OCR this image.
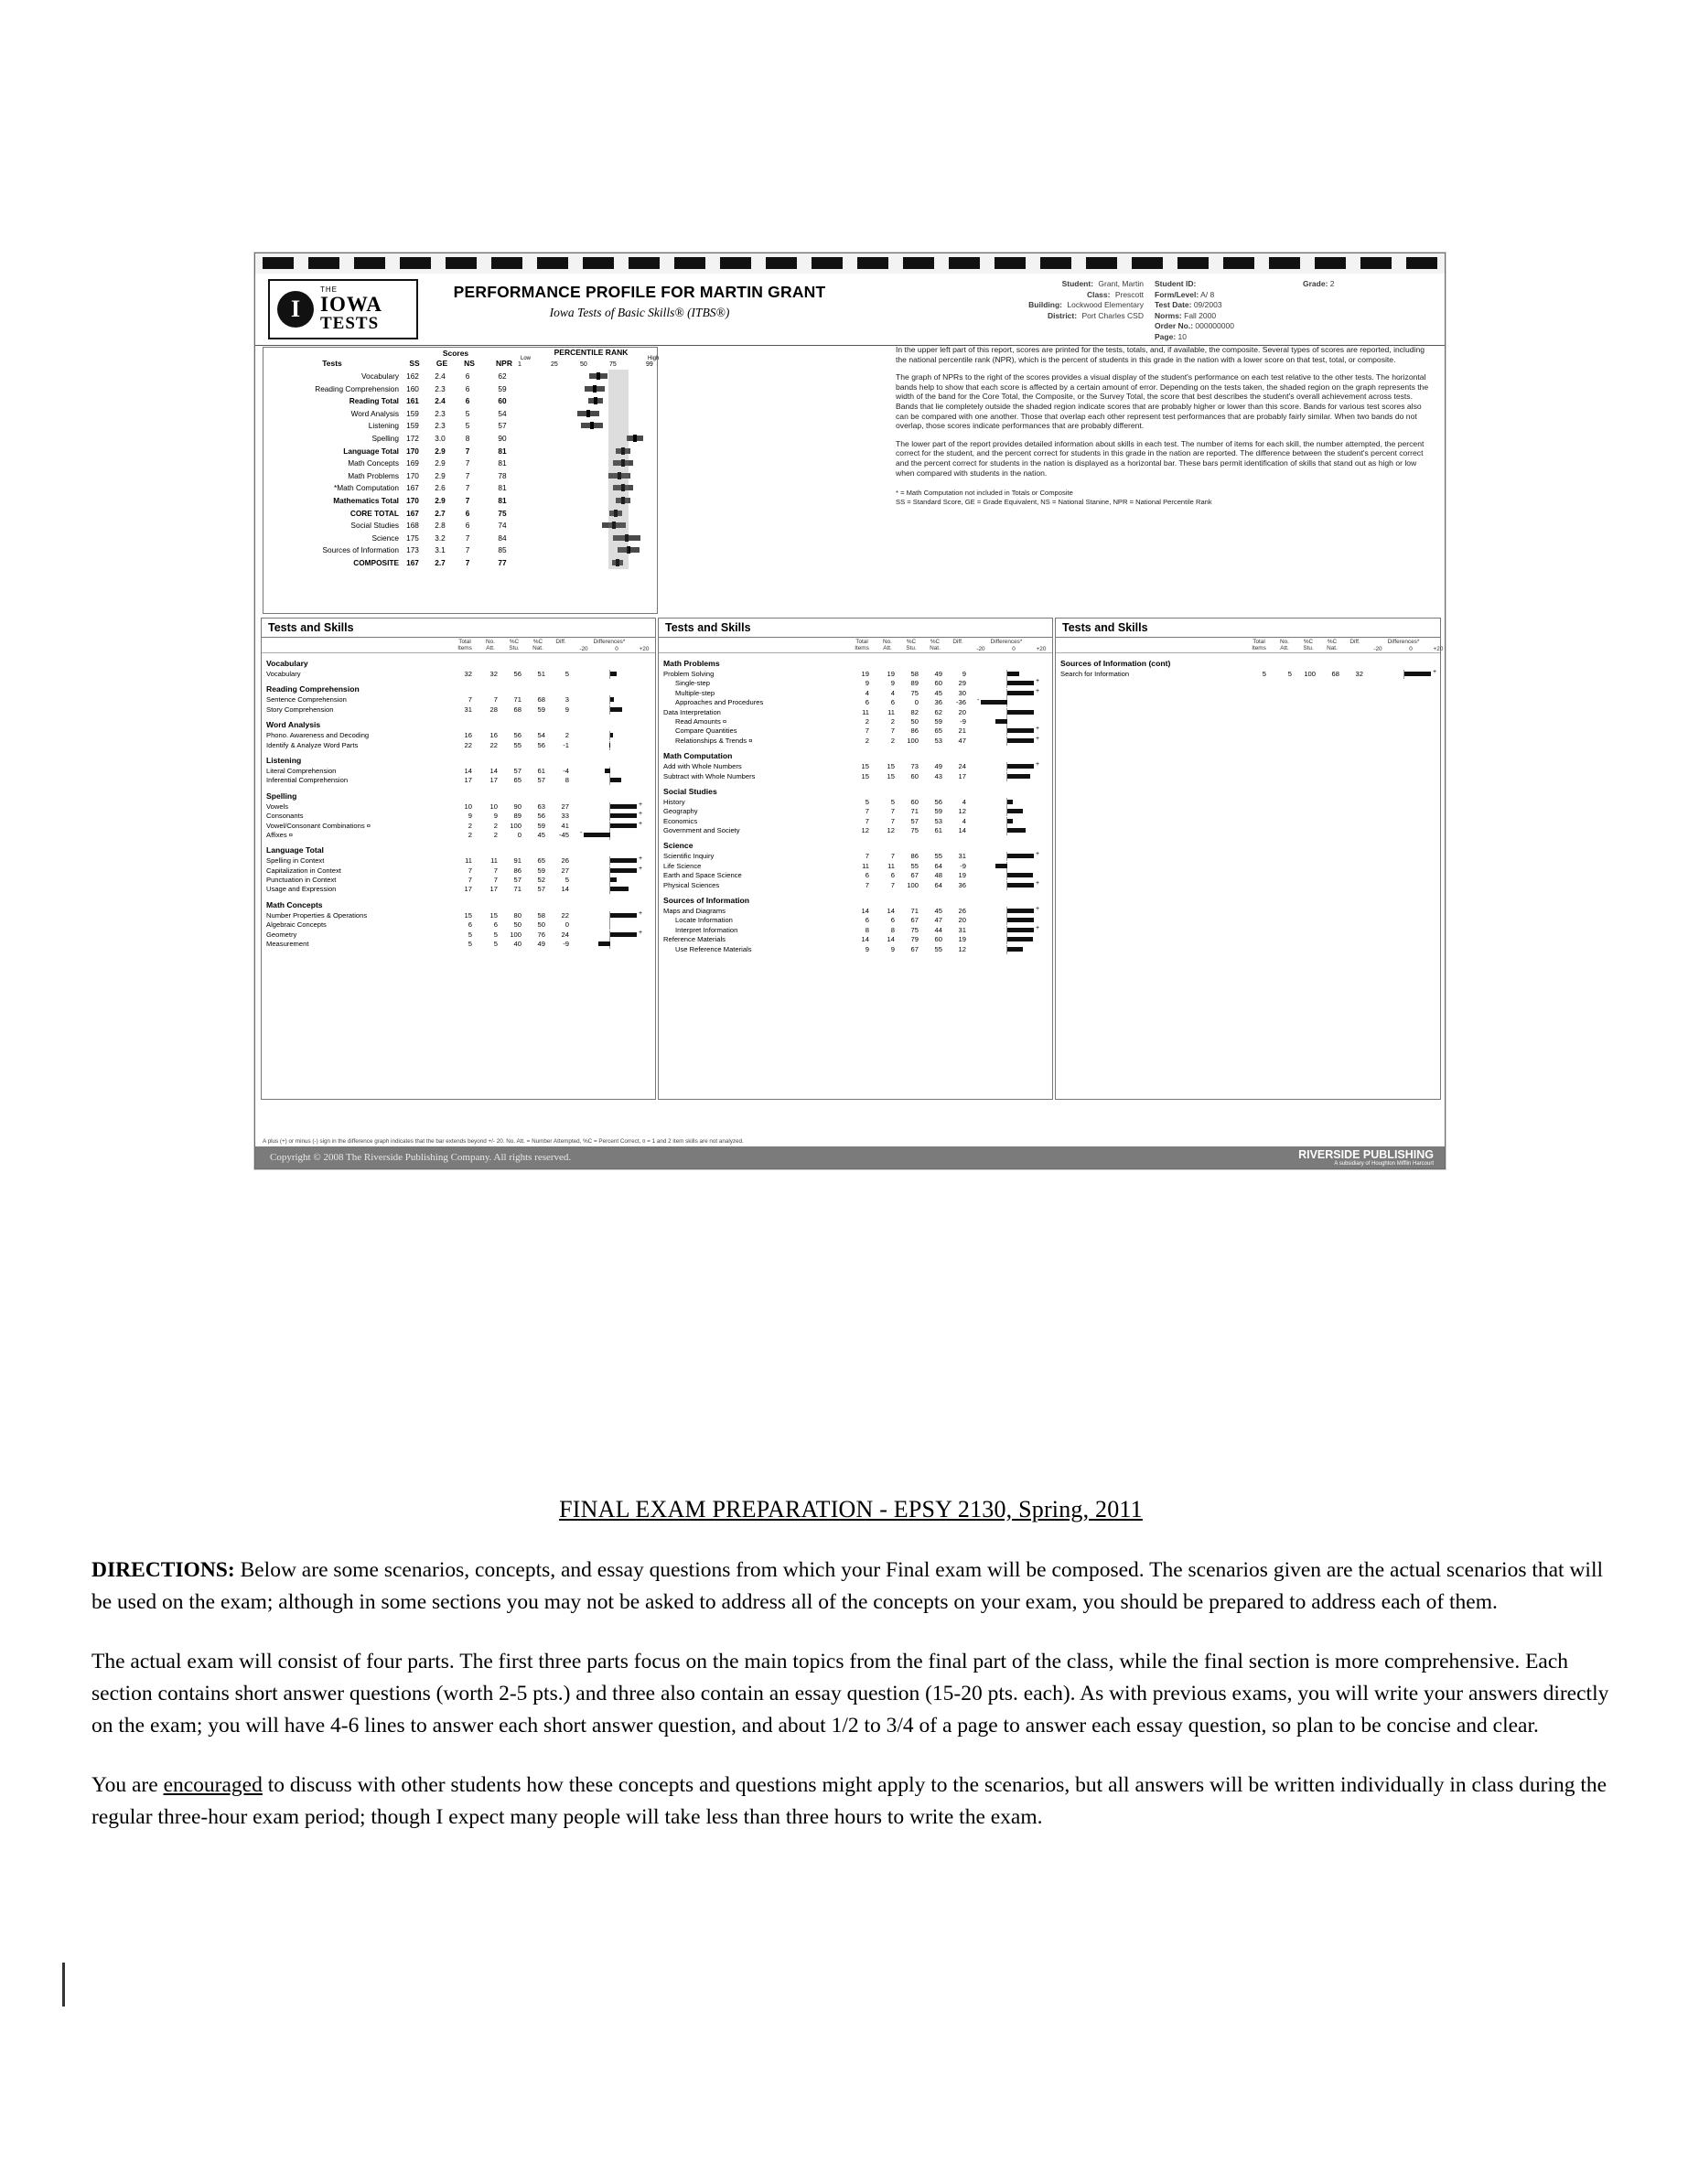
I
THE
IOWA
TESTS
PERFORMANCE PROFILE FOR MARTIN GRANT
Iowa Tests of Basic Skills® (ITBS®)
Student: Grant, Martin
Class: Prescott
Building: Lockwood Elementary
District: Port Charles CSD
Student ID:
Form/Level: A/ 8
Test Date: 09/2003
Norms: Fall 2000
Order No.: 000000000
Page: 10
Grade: 2
Tests
Scores
SS	GE	NS	NPR
PERCENTILE RANK
Low	High
1	25	50	75	99
Vocabulary 162	2.4	6	62
Reading Comprehension 160	2.3	6	59
Reading Total 161	2.4	6	60
Word Analysis 159	2.3	5	54
Listening 159	2.3	5	57
Spelling 172	3.0	8	90
Language Total 170	2.9	7	81
Math Concepts 169	2.9	7	81
Math Problems 170	2.9	7	78
*Math Computation 167	2.6	7	81
Mathematics Total 170	2.9	7	81
CORE TOTAL 167	2.7	6	75
Social Studies 168	2.8	6	74
Science 175	3.2	7	84
Sources of Information 173	3.1	7	85
COMPOSITE 167	2.7	7	77

In the upper left part of this report, scores are printed for the tests, totals, and, if available, the composite. Several types of scores are reported, including the national percentile rank (NPR), which is the percent of students in this grade in the nation with a lower score on that test, total, or composite.

The graph of NPRs to the right of the scores provides a visual display of the student's performance on each test relative to the other tests. The horizontal bands help to show that each score is affected by a certain amount of error. Depending on the tests taken, the shaded region on the graph represents the width of the band for the Core Total, the Composite, or the Survey Total, the score that best describes the student's overall achievement across tests. Bands that lie completely outside the shaded region indicate scores that are probably higher or lower than this score. Bands for various test scores also can be compared with one another. Those that overlap each other represent test performances that are probably fairly similar. When two bands do not overlap, those scores indicate performances that are probably different.

The lower part of the report provides detailed information about skills in each test. The number of items for each skill, the number attempted, the percent correct for the student, and the percent correct for students in this grade in the nation are reported. The difference between the student's percent correct and the percent correct for students in the nation is displayed as a horizontal bar. These bars permit identification of skills that stand out as high or low when compared with students in the nation.

* = Math Computation not included in Totals or Composite
SS = Standard Score, GE = Grade Equivalent, NS = National Stanine, NPR = National Percentile Rank
Tests and Skills
Total
Items
No.
Att.
%C
Stu.
%C
Nat.
Diff.	Differences*
-20	0	+20
Vocabulary
Vocabulary	32	32	56	51	5
Reading Comprehension
Sentence Comprehension	7	7	71	68	3
Story Comprehension	31	28	68	59	9
Word Analysis
Phono. Awareness and Decoding	16	16	56	54	2
Identify & Analyze Word Parts	22	22	55	56	-1
Listening
Literal Comprehension	14	14	57	61	-4
Inferential Comprehension	17	17	65	57	8
Spelling
Vowels	10	10	90	63	27	+
Consonants	9	9	89	56	33	+
Vowel/Consonant Combinations ¤	2	2	100	59	41	+
Affixes ¤	2	2	0	45	-45 -
Language Total
Spelling in Context	11	11	91	65	26	+
Capitalization in Context	7	7	86	59	27	+
Punctuation in Context	7	7	57	52	5
Usage and Expression	17	17	71	57	14
Math Concepts
Number Properties & Operations	15	15	80	58	22	+
Algebraic Concepts	6	6	50	50	0
Geometry	5	5	100	76	24	+
Measurement	5	5	40	49	-9
Tests and Skills
Total
Items
No.
Att.
%C
Stu.
%C
Nat.
Diff.	Differences*
-20	0	+20
Math Problems
Problem Solving	19	19	58	49	9
Single-step	9	9	89	60	29	+
Multiple-step	4	4	75	45	30	+
Approaches and Procedures	6	6	0	36	-36 -
Data Interpretation	11	11	82	62	20
Read Amounts ¤	2	2	50	59	-9
Compare Quantities	7	7	86	65	21	+
Relationships & Trends ¤	2	2	100	53	47	+
Math Computation
Add with Whole Numbers	15	15	73	49	24	+
Subtract with Whole Numbers	15	15	60	43	17
Social Studies
History	5	5	60	56	4
Geography	7	7	71	59	12
Economics	7	7	57	53	4
Government and Society	12	12	75	61	14
Science
Scientific Inquiry	7	7	86	55	31	+
Life Science	11	11	55	64	-9
Earth and Space Science	6	6	67	48	19
Physical Sciences	7	7	100	64	36	+
Sources of Information
Maps and Diagrams	14	14	71	45	26	+
Locate Information	6	6	67	47	20
Interpret Information	8	8	75	44	31	+
Reference Materials	14	14	79	60	19
Use Reference Materials	9	9	67	55	12
Tests and Skills
Total
Items
No.
Att.
%C
Stu.
%C
Nat.
Diff.	Differences*
-20	0	+20
Sources of Information (cont)
Search for Information	5	5	100	68	32	+
A plus (+) or minus (-) sign in the difference graph indicates that the bar extends beyond +/- 20. No. Att. = Number Attempted, %C = Percent Correct, ¤ = 1 and 2 item skills are not analyzed.
Copyright © 2008 The Riverside Publishing Company. All rights reserved.	RIVERSIDE PUBLISHING
A subsidiary of Houghton Mifflin Harcourt
FINAL EXAM PREPARATION - EPSY 2130, Spring, 2011

DIRECTIONS: Below are some scenarios, concepts, and essay questions from which your Final exam will be composed. The scenarios given are the actual scenarios that will be used on the exam; although in some sections you may not be asked to address all of the concepts on your exam, you should be prepared to address each of them.

The actual exam will consist of four parts. The first three parts focus on the main topics from the final part of the class, while the final section is more comprehensive. Each section contains short answer questions (worth 2-5 pts.) and three also contain an essay question (15-20 pts. each). As with previous exams, you will write your answers directly on the exam; you will have 4-6 lines to answer each short answer question, and about 1/2 to 3/4 of a page to answer each essay question, so plan to be concise and clear.

You are encouraged to discuss with other students how these concepts and questions might apply to the scenarios, but all answers will be written individually in class during the regular three-hour exam period; though I expect many people will take less than three hours to write the exam.
